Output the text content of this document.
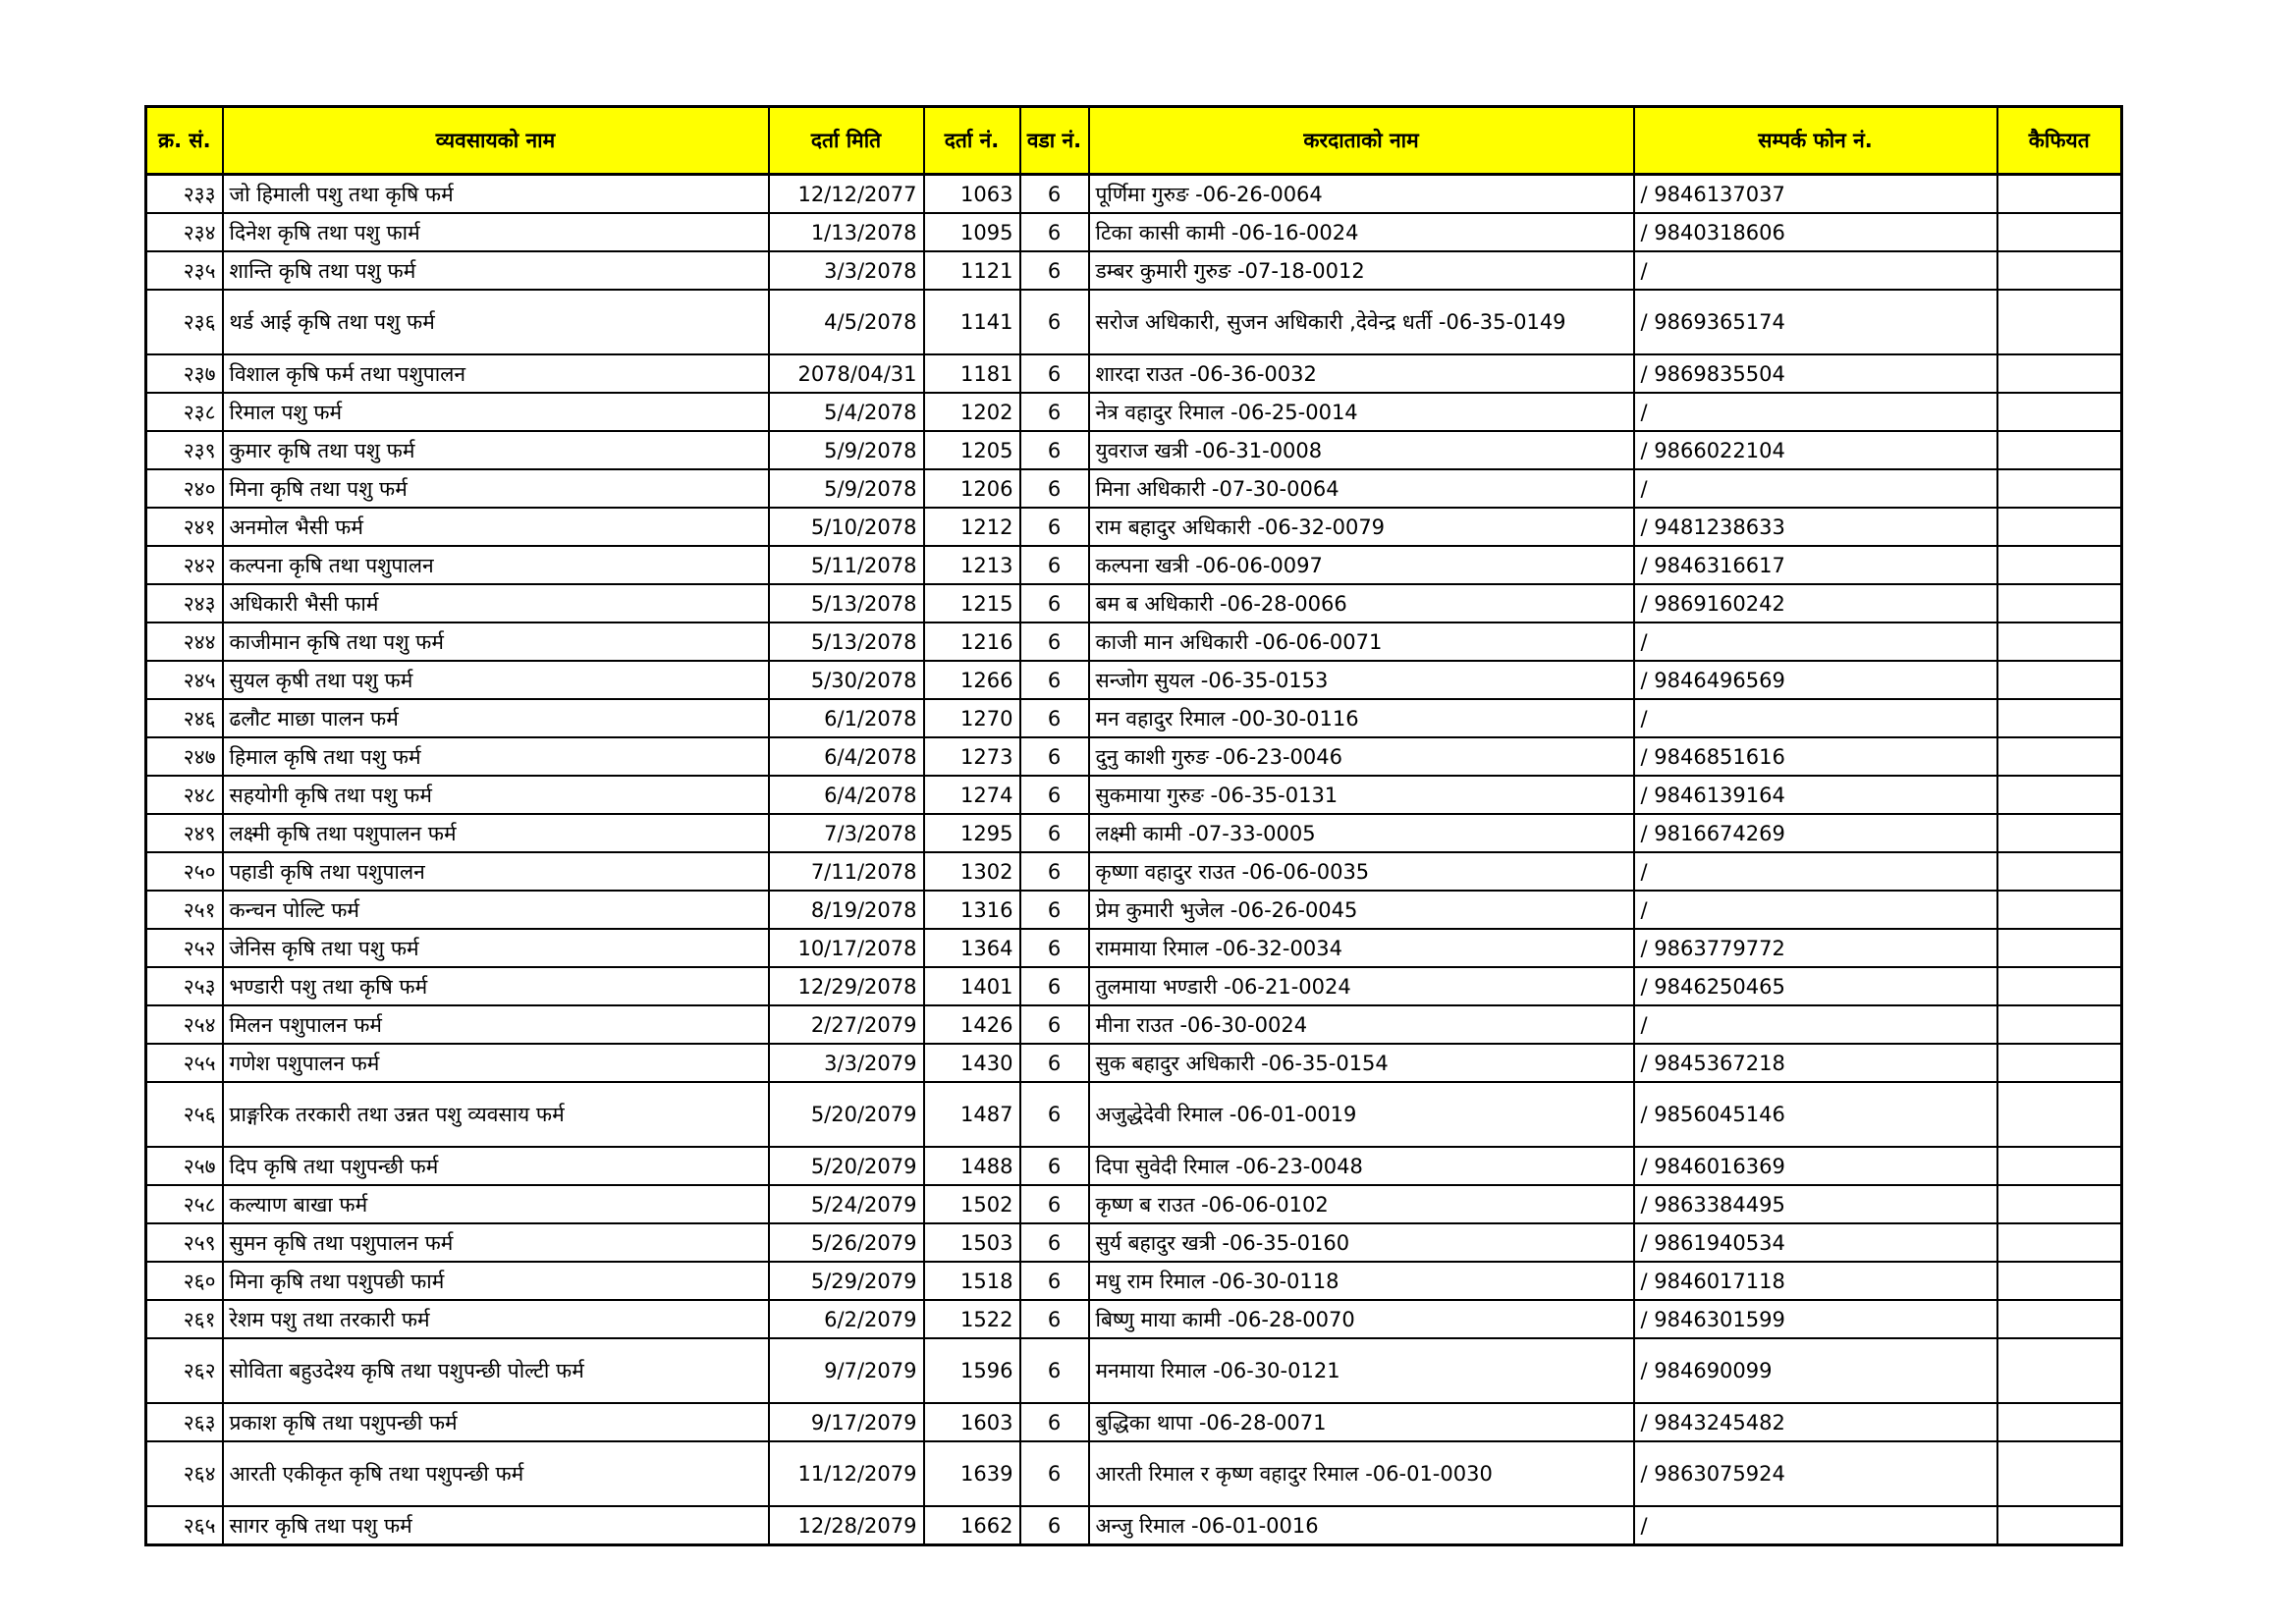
क्र. सं.	व्यवसायको नाम	दर्ता मिति	दर्ता नं.	वडा नं.	करदाताको नाम	सम्पर्क फोन नं.	कैफियत
२३३	जो हिमाली पशु तथा कृषि फर्म	12/12/2077	1063	6	पूर्णिमा गुरुङ -06-26-0064	/ 9846137037	
२३४	दिनेश कृषि तथा पशु फार्म	1/13/2078	1095	6	टिका कासी कामी -06-16-0024	/ 9840318606	
२३५	शान्ति कृषि तथा पशु फर्म	3/3/2078	1121	6	डम्बर कुमारी गुरुङ -07-18-0012	/	
२३६	थर्ड आई कृषि तथा पशु फर्म	4/5/2078	1141	6	सरोज अधिकारी, सुजन अधिकारी ,देवेन्द्र धर्ती -06-35-0149	/ 9869365174	
२३७	विशाल कृषि फर्म तथा पशुपालन	2078/04/31	1181	6	शारदा राउत -06-36-0032	/ 9869835504	
२३८	रिमाल पशु फर्म	5/4/2078	1202	6	नेत्र वहादुर रिमाल -06-25-0014	/	
२३९	कुमार कृषि तथा पशु फर्म	5/9/2078	1205	6	युवराज खत्री -06-31-0008	/ 9866022104	
२४०	मिना कृषि तथा पशु फर्म	5/9/2078	1206	6	मिना अधिकारी -07-30-0064	/	
२४१	अनमोल भैसी फर्म	5/10/2078	1212	6	राम बहादुर अधिकारी -06-32-0079	/ 9481238633	
२४२	कल्पना कृषि तथा पशुपालन	5/11/2078	1213	6	कल्पना खत्री -06-06-0097	/ 9846316617	
२४३	अधिकारी भैसी फार्म	5/13/2078	1215	6	बम ब अधिकारी -06-28-0066	/ 9869160242	
२४४	काजीमान कृषि तथा पशु फर्म	5/13/2078	1216	6	काजी मान अधिकारी -06-06-0071	/	
२४५	सुयल कृषी तथा पशु फर्म	5/30/2078	1266	6	सन्जोग सुयल -06-35-0153	/ 9846496569	
२४६	ढलौट माछा पालन फर्म	6/1/2078	1270	6	मन वहादुर रिमाल -00-30-0116	/	
२४७	हिमाल कृषि तथा पशु फर्म	6/4/2078	1273	6	दुनु काशी गुरुङ -06-23-0046	/ 9846851616	
२४८	सहयोगी कृषि तथा पशु फर्म	6/4/2078	1274	6	सुकमाया गुरुङ -06-35-0131	/ 9846139164	
२४९	लक्ष्मी कृषि तथा पशुपालन फर्म	7/3/2078	1295	6	लक्ष्मी कामी -07-33-0005	/ 9816674269	
२५०	पहाडी कृषि तथा पशुपालन	7/11/2078	1302	6	कृष्णा वहादुर राउत -06-06-0035	/	
२५१	कन्चन पोल्टि फर्म	8/19/2078	1316	6	प्रेम कुमारी भुजेल -06-26-0045	/	
२५२	जेनिस कृषि तथा पशु फर्म	10/17/2078	1364	6	राममाया रिमाल -06-32-0034	/ 9863779772	
२५३	भण्डारी पशु तथा कृषि फर्म	12/29/2078	1401	6	तुलमाया भण्डारी -06-21-0024	/ 9846250465	
२५४	मिलन पशुपालन फर्म	2/27/2079	1426	6	मीना राउत -06-30-0024	/	
२५५	गणेश पशुपालन फर्म	3/3/2079	1430	6	सुक बहादुर अधिकारी -06-35-0154	/ 9845367218	
२५६	प्राङ्गरिक तरकारी तथा उन्नत पशु व्यवसाय फर्म	5/20/2079	1487	6	अजुद्धेदेवी रिमाल -06-01-0019	/ 9856045146	
२५७	दिप कृषि तथा पशुपन्छी फर्म	5/20/2079	1488	6	दिपा सुवेदी रिमाल -06-23-0048	/ 9846016369	
२५८	कल्याण बाखा फर्म	5/24/2079	1502	6	कृष्ण ब राउत -06-06-0102	/ 9863384495	
२५९	सुमन कृषि तथा पशुपालन फर्म	5/26/2079	1503	6	सुर्य बहादुर खत्री -06-35-0160	/ 9861940534	
२६०	मिना कृषि तथा पशुपछी फार्म	5/29/2079	1518	6	मधु राम रिमाल -06-30-0118	/ 9846017118	
२६१	रेशम पशु तथा तरकारी फर्म	6/2/2079	1522	6	बिष्णु माया कामी -06-28-0070	/ 9846301599	
२६२	सोविता बहुउदेश्य कृषि तथा पशुपन्छी पोल्टी फर्म	9/7/2079	1596	6	मनमाया रिमाल -06-30-0121	/ 984690099	
२६३	प्रकाश कृषि तथा पशुपन्छी फर्म	9/17/2079	1603	6	बुद्धिका थापा -06-28-0071	/ 9843245482	
२६४	आरती एकीकृत कृषि तथा पशुपन्छी फर्म	11/12/2079	1639	6	आरती रिमाल र कृष्ण वहादुर रिमाल -06-01-0030	/ 9863075924	
२६५	सागर कृषि तथा पशु फर्म	12/28/2079	1662	6	अन्जु रिमाल -06-01-0016	/	
